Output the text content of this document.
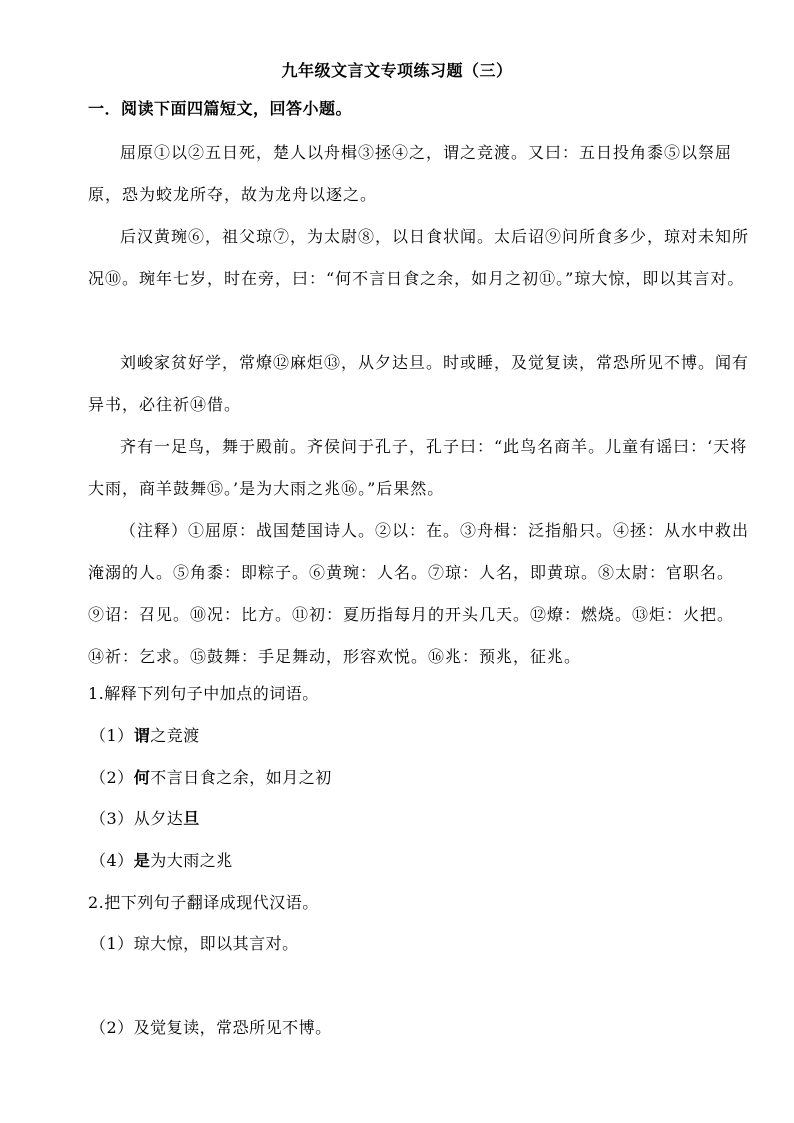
九年级文言文专项练习题（三）
一．阅读下面四篇短文，回答小题。

屈原①以②五日死，楚人以舟楫③拯④之，谓之竞渡。又曰：五日投角黍⑤以祭屈原，恐为蛟龙所夺，故为龙舟以逐之。

后汉黄琬⑥，祖父琼⑦，为太尉⑧，以日食状闻。太后诏⑨问所食多少，琼对未知所况⑩。琬年七岁，时在旁，曰：“何不言日食之余，如月之初⑪。”琼大惊，即以其言对。

刘峻家贫好学，常燎⑫麻炬⑬，从夕达旦。时或睡，及觉复读，常恐所见不博。闻有异书，必往祈⑭借。

齐有一足鸟，舞于殿前。齐侯问于孔子，孔子曰：“此鸟名商羊。儿童有谣曰：‘天将大雨，商羊鼓舞⑮。’是为大雨之兆⑯。”后果然。

（注释）①屈原：战国楚国诗人。②以：在。③舟楫：泛指船只。④拯：从水中救出淹溺的人。⑤角黍：即粽子。⑥黄琬：人名。⑦琼：人名，即黄琼。⑧太尉：官职名。⑨诏：召见。⑩况：比方。⑪初：夏历指每月的开头几天。⑫燎：燃烧。⑬炬：火把。⑭祈：乞求。⑮鼓舞：手足舞动，形容欢悦。⑯兆：预兆，征兆。

1.解释下列句子中加点的词语。
（1）谓之竞渡
（2）何不言日食之余，如月之初
（3）从夕达旦
（4）是为大雨之兆
2.把下列句子翻译成现代汉语。
（1）琼大惊，即以其言对。
（2）及觉复读，常恐所见不博。
